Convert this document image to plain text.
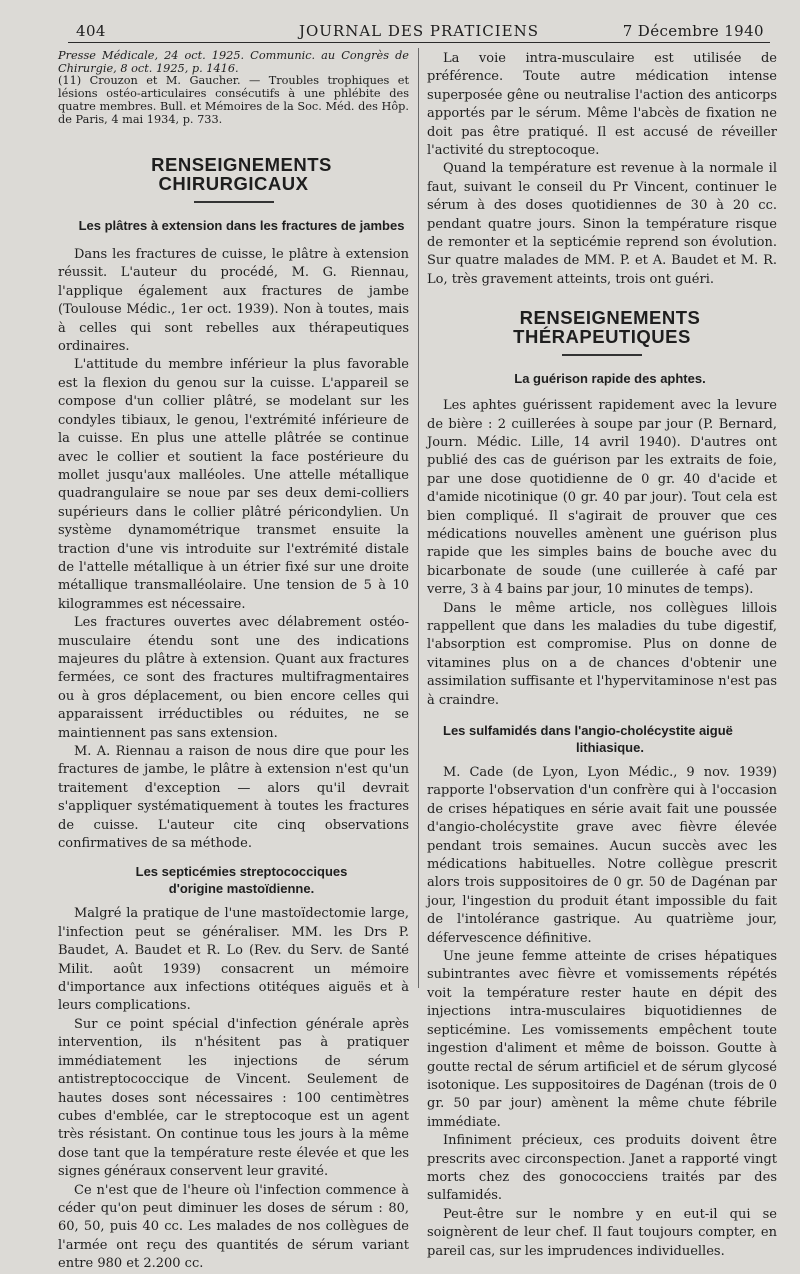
404	JOURNAL DES PRATICIENS	7 Décembre 1940

Presse Médicale, 24 oct. 1925. Communic. au Congrès de Chirurgie, 8 oct. 1925, p. 1416.

(11) Crouzon et M. Gaucher. — Troubles trophiques et lésions ostéo-articulaires consécutifs à une phlébite des quatre membres. Bull. et Mémoires de la Soc. Méd. des Hôp. de Paris, 4 mai 1934, p. 733.

RENSEIGNEMENTS CHIRURGICAUX

Les plâtres à extension dans les fractures de jambes

Dans les fractures de cuisse, le plâtre à extension réussit. L'auteur du procédé, M. G. Riennau, l'applique également aux fractures de jambe (Toulouse Médic., 1er oct. 1939). Non à toutes, mais à celles qui sont rebelles aux thérapeutiques ordinaires.

L'attitude du membre inférieur la plus favorable est la flexion du genou sur la cuisse. L'appareil se compose d'un collier plâtré, se modelant sur les condyles tibiaux, le genou, l'extrémité inférieure de la cuisse. En plus une attelle plâtrée se continue avec le collier et soutient la face postérieure du mollet jusqu'aux malléoles. Une attelle métallique quadrangulaire se noue par ses deux demi-colliers supérieurs dans le collier plâtré péricondylien. Un système dynamométrique transmet ensuite la traction d'une vis introduite sur l'extrémité distale de l'attelle métallique à un étrier fixé sur une droite métallique transmalléolaire. Une tension de 5 à 10 kilogrammes est nécessaire.

Les fractures ouvertes avec délabrement ostéo-musculaire étendu sont une des indications majeures du plâtre à extension. Quant aux fractures fermées, ce sont des fractures multifragmentaires ou à gros déplacement, ou bien encore celles qui apparaissent irréductibles ou réduites, ne se maintiennent pas sans extension.

M. A. Riennau a raison de nous dire que pour les fractures de jambe, le plâtre à extension n'est qu'un traitement d'exception — alors qu'il devrait s'appliquer systématiquement à toutes les fractures de cuisse. L'auteur cite cinq observations confirmatives de sa méthode.

Les septicémies streptococciques

d'origine mastoïdienne.

Malgré la pratique de l'une mastoïdectomie large, l'infection peut se généraliser. MM. les Drs P. Baudet, A. Baudet et R. Lo (Rev. du Serv. de Santé Milit. août 1939) consacrent un mémoire d'importance aux infections otitéques aiguës et à leurs complications.

Sur ce point spécial d'infection générale après intervention, ils n'hésitent pas à pratiquer immédiatement les injections de sérum antistreptococcique de Vincent. Seulement de hautes doses sont nécessaires : 100 centimètres cubes d'emblée, car le streptocoque est un agent très résistant. On continue tous les jours à la même dose tant que la température reste élevée et que les signes généraux conservent leur gravité.

Ce n'est que de l'heure où l'infection commence à céder qu'on peut diminuer les doses de sérum : 80, 60, 50, puis 40 cc. Les malades de nos collègues de l'armée ont reçu des quantités de sérum variant entre 980 et 2.200 cc.

La voie intra-musculaire est utilisée de préférence. Toute autre médication intense superposée gêne ou neutralise l'action des anticorps apportés par le sérum. Même l'abcès de fixation ne doit pas être pratiqué. Il est accusé de réveiller l'activité du streptocoque.

Quand la température est revenue à la normale il faut, suivant le conseil du Pr Vincent, continuer le sérum à des doses quotidiennes de 30 à 20 cc. pendant quatre jours. Sinon la température risque de remonter et la septicémie reprend son évolution. Sur quatre malades de MM. P. et A. Baudet et M. R. Lo, très gravement atteints, trois ont guéri.

RENSEIGNEMENTS THÉRAPEUTIQUES

La guérison rapide des aphtes.

Les aphtes guérissent rapidement avec la levure de bière : 2 cuillerées à soupe par jour (P. Bernard, Journ. Médic. Lille, 14 avril 1940). D'autres ont publié des cas de guérison par les extraits de foie, par une dose quotidienne de 0 gr. 40 d'acide et d'amide nicotinique (0 gr. 40 par jour). Tout cela est bien compliqué. Il s'agirait de prouver que ces médications nouvelles amènent une guérison plus rapide que les simples bains de bouche avec du bicarbonate de soude (une cuillerée à café par verre, 3 à 4 bains par jour, 10 minutes de temps).

Dans le même article, nos collègues lillois rappellent que dans les maladies du tube digestif, l'absorption est compromise. Plus on donne de vitamines plus on a de chances d'obtenir une assimilation suffisante et l'hypervitaminose n'est pas à craindre.

Les sulfamidés dans l'angio-cholécystite aiguë

lithiasique.

M. Cade (de Lyon, Lyon Médic., 9 nov. 1939) rapporte l'observation d'un confrère qui à l'occasion de crises hépatiques en série avait fait une poussée d'angio-cholécystite grave avec fièvre élevée pendant trois semaines. Aucun succès avec les médications habituelles. Notre collègue prescrit alors trois suppositoires de 0 gr. 50 de Dagénan par jour, l'ingestion du produit étant impossible du fait de l'intolérance gastrique. Au quatrième jour, défervescence définitive.

Une jeune femme atteinte de crises hépatiques subintrantes avec fièvre et vomissements répétés voit la température rester haute en dépit des injections intra-musculaires biquotidiennes de septicémine. Les vomissements empêchent toute ingestion d'aliment et même de boisson. Goutte à goutte rectal de sérum artificiel et de sérum glycosé isotonique. Les suppositoires de Dagénan (trois de 0 gr. 50 par jour) amènent la même chute fébrile immédiate.

Infiniment précieux, ces produits doivent être prescrits avec circonspection. Janet a rapporté vingt morts chez des gonococciens traités par des sulfamidés.

Peut-être sur le nombre y en eut-il qui se soignèrent de leur chef. Il faut toujours compter, en pareil cas, sur les imprudences individuelles.
